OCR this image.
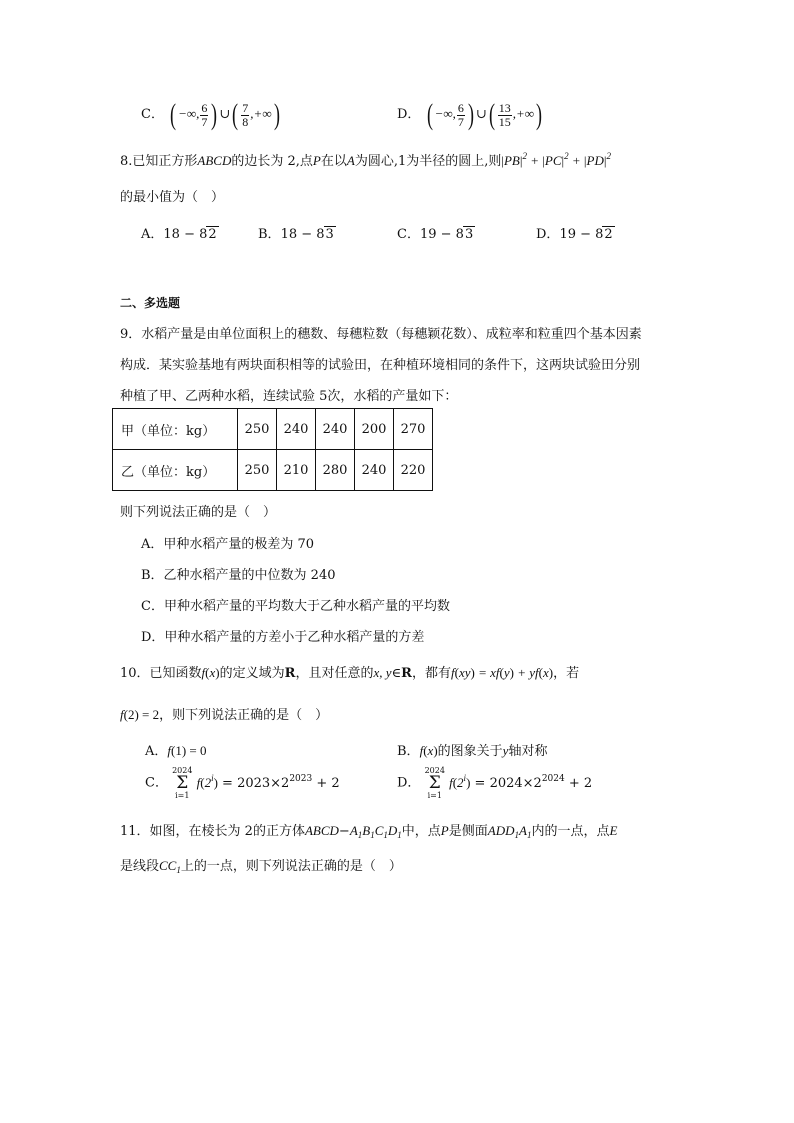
C． ( −∞, $\frac{6}{7}$ ) ∪( $\frac{7}{8}$ ,+∞)	D． ( −∞, $\frac{6}{7}$ ) ∪( $\frac{13}{15}$ ,+∞)
8.已知正方形ABCD的边长为 2,点P在以A为圆心,1为半径的圆上,则$|PB|^2 + |PC|^2 + |PD|^2$
的最小值为（　）
A．18 − 82	B．18 − 83	C．19 − 83	D．19 − 82
二、多选题
9．水稻产量是由单位面积上的穗数、每穗粒数（每穗颖花数）、成粒率和粒重四个基本因素
构成．某实验基地有两块面积相等的试验田，在种植环境相同的条件下，这两块试验田分别
种植了甲、乙两种水稻，连续试验 5次，水稻的产量如下：
甲（单位：kg）	250	240	240	200	270
乙（单位：kg）	250	210	280	240	220
则下列说法正确的是（　）
A．甲种水稻产量的极差为 70
B．乙种水稻产量的中位数为 240
C．甲种水稻产量的平均数大于乙种水稻产量的平均数
D．甲种水稻产量的方差小于乙种水稻产量的方差
10．已知函数f(x)的定义域为R，且对任意的x, y∈R，都有f(xy) = xf(y) + yf(x)，若
f(2) = 2，则下列说法正确的是（　）
A．f(1) = 0	B．f(x)的图象关于y轴对称
C．
2024
Σ
i=1
$f(2^i) = 2023\times 2^{2023} + 2$	D．
2024
Σ
i=1
$f(2^i) = 2024\times 2^{2024} + 2$
11．如图，在棱长为 2的正方体$ABCD-A_1B_1C_1D_1$中，点P是侧面$ADD_1A_1$内的一点，点E
是线段$CC_1$上的一点，则下列说法正确的是（　）
